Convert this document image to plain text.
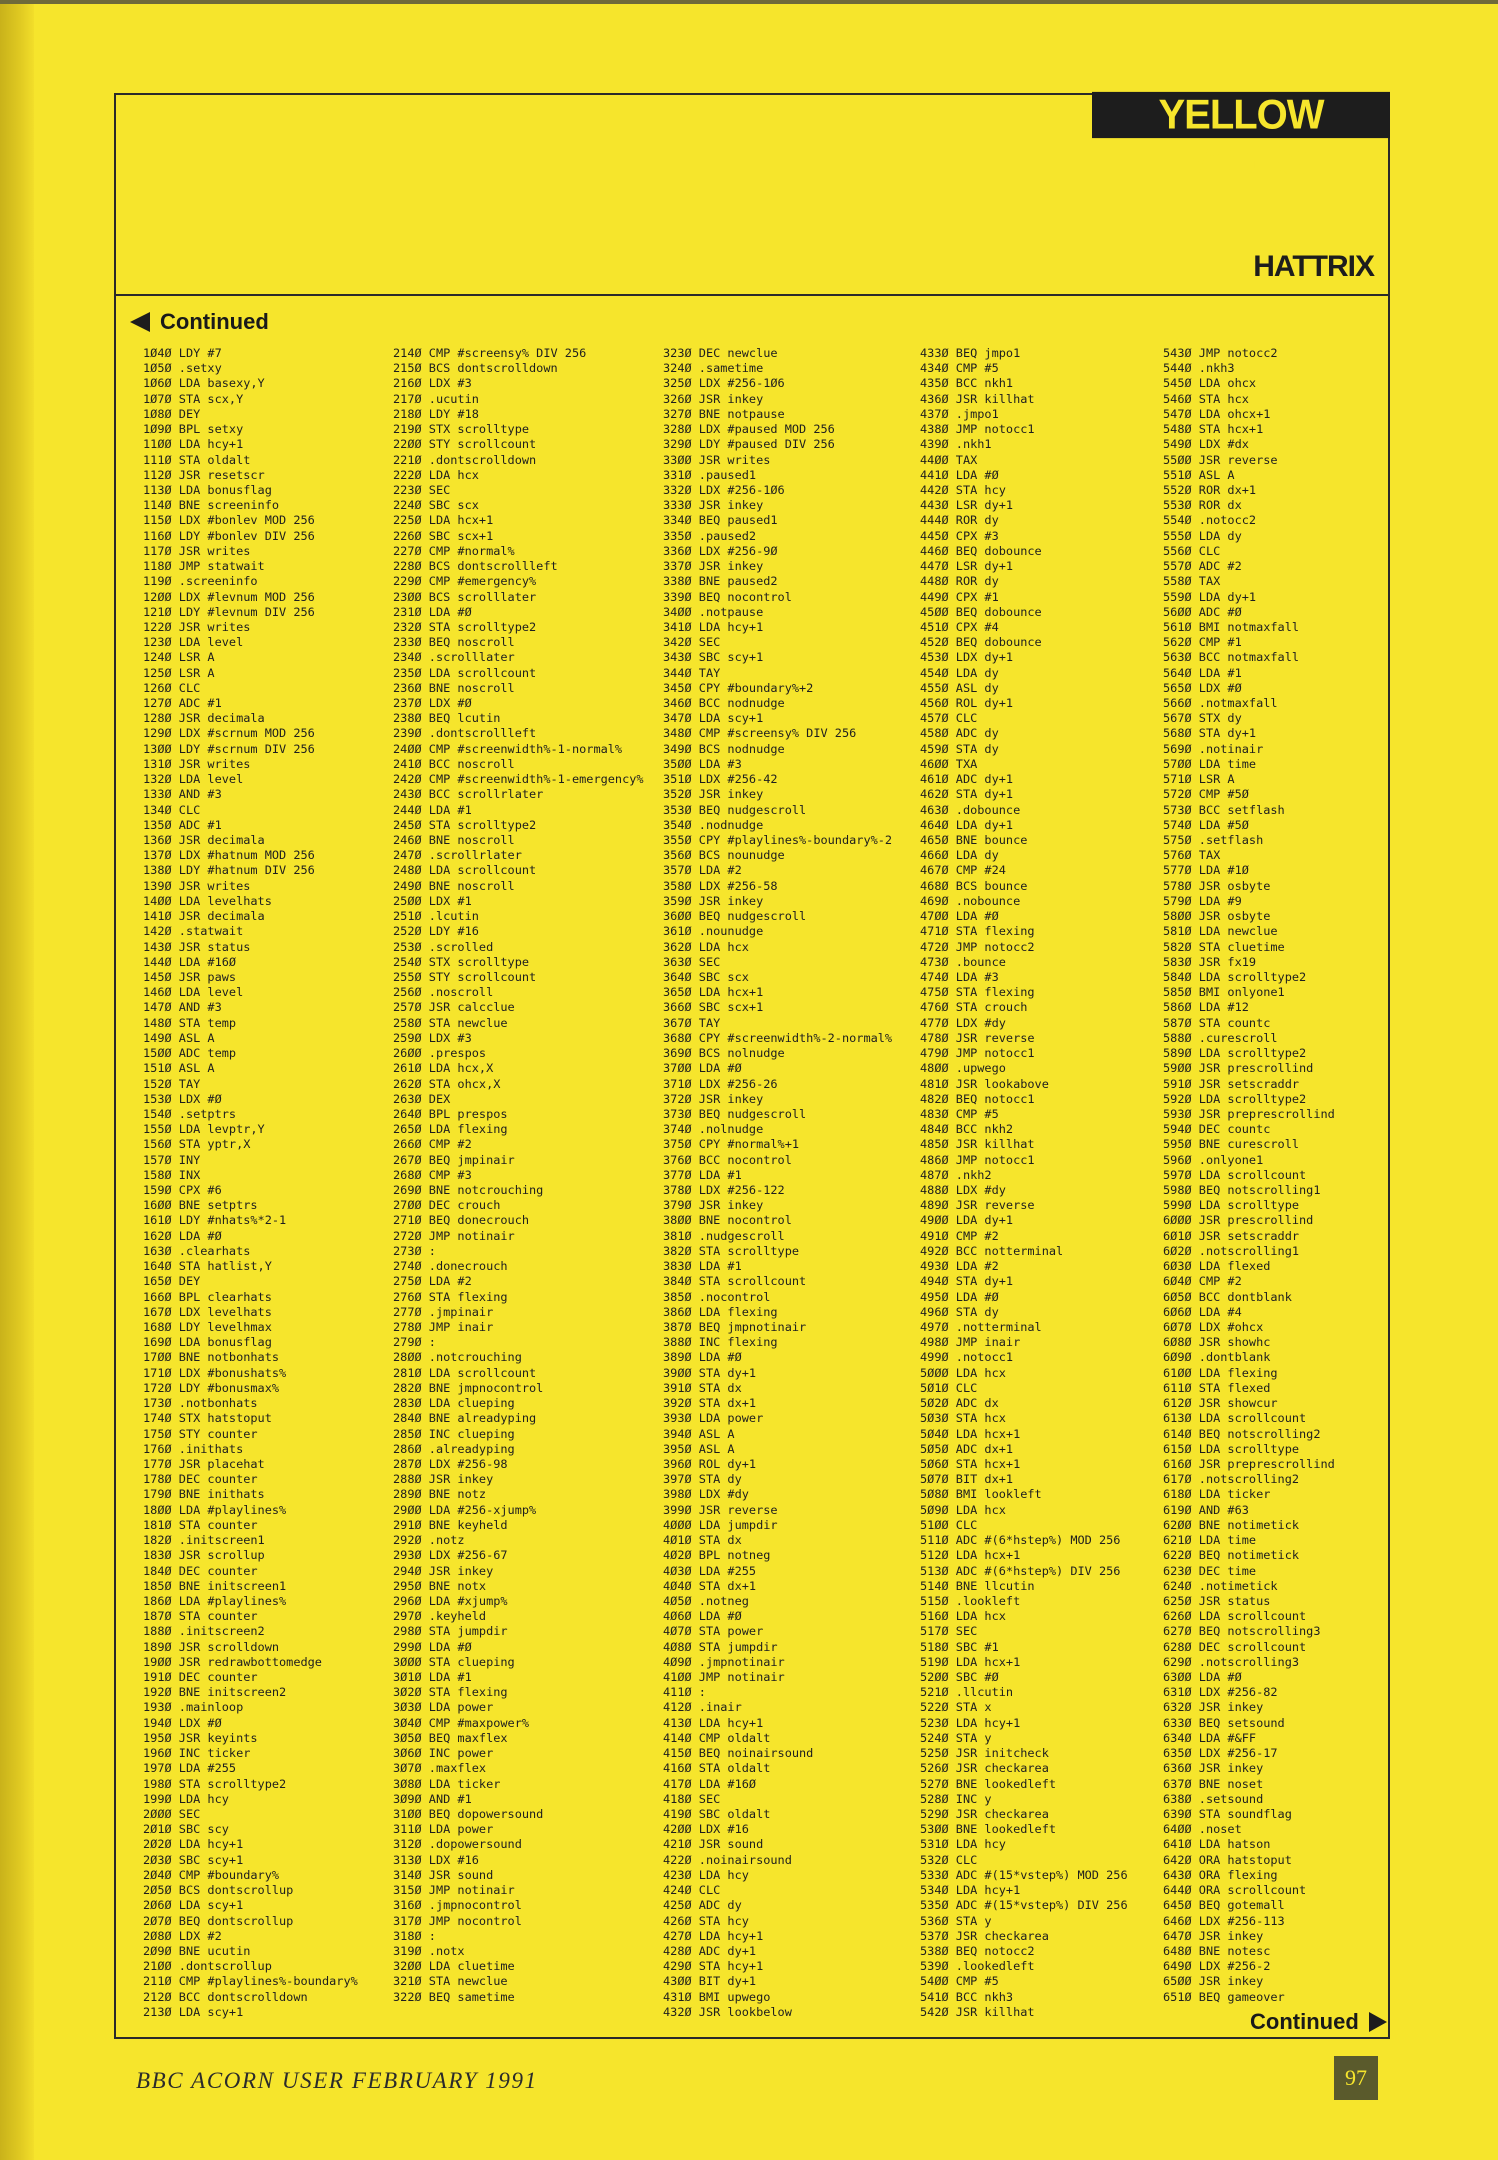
YELLOW PAGES
HATTRIX
Continued
1Ø4Ø LDY #7
1Ø5Ø .setxy
1Ø6Ø LDA basexy,Y
1Ø7Ø STA scx,Y
1Ø8Ø DEY
1Ø9Ø BPL setxy
11ØØ LDA hcy+1
111Ø STA oldalt
112Ø JSR resetscr
113Ø LDA bonusflag
114Ø BNE screeninfo
115Ø LDX #bonlev MOD 256
116Ø LDY #bonlev DIV 256
117Ø JSR writes
118Ø JMP statwait
119Ø .screeninfo
12ØØ LDX #levnum MOD 256
121Ø LDY #levnum DIV 256
122Ø JSR writes
123Ø LDA level
124Ø LSR A
125Ø LSR A
126Ø CLC
127Ø ADC #1
128Ø JSR decimala
129Ø LDX #scrnum MOD 256
13ØØ LDY #scrnum DIV 256
131Ø JSR writes
132Ø LDA level
133Ø AND #3
134Ø CLC
135Ø ADC #1
136Ø JSR decimala
137Ø LDX #hatnum MOD 256
138Ø LDY #hatnum DIV 256
139Ø JSR writes
14ØØ LDA levelhats
141Ø JSR decimala
142Ø .statwait
143Ø JSR status
144Ø LDA #16Ø
145Ø JSR paws
146Ø LDA level
147Ø AND #3
148Ø STA temp
149Ø ASL A
15ØØ ADC temp
151Ø ASL A
152Ø TAY
153Ø LDX #Ø
154Ø .setptrs
155Ø LDA levptr,Y
156Ø STA yptr,X
157Ø INY
158Ø INX
159Ø CPX #6
16ØØ BNE setptrs
161Ø LDY #nhats%*2-1
162Ø LDA #Ø
163Ø .clearhats
164Ø STA hatlist,Y
165Ø DEY
166Ø BPL clearhats
167Ø LDX levelhats
168Ø LDY levelhmax
169Ø LDA bonusflag
17ØØ BNE notbonhats
171Ø LDX #bonushats%
172Ø LDY #bonusmax%
173Ø .notbonhats
174Ø STX hatstoput
175Ø STY counter
176Ø .inithats
177Ø JSR placehat
178Ø DEC counter
179Ø BNE inithats
18ØØ LDA #playlines%
181Ø STA counter
182Ø .initscreen1
183Ø JSR scrollup
184Ø DEC counter
185Ø BNE initscreen1
186Ø LDA #playlines%
187Ø STA counter
188Ø .initscreen2
189Ø JSR scrolldown
19ØØ JSR redrawbottomedge
191Ø DEC counter
192Ø BNE initscreen2
193Ø .mainloop
194Ø LDX #Ø
195Ø JSR keyints
196Ø INC ticker
197Ø LDA #255
198Ø STA scrolltype2
199Ø LDA hcy
2ØØØ SEC
2Ø1Ø SBC scy
2Ø2Ø LDA hcy+1
2Ø3Ø SBC scy+1
2Ø4Ø CMP #boundary%
2Ø5Ø BCS dontscrollup
2Ø6Ø LDA scy+1
2Ø7Ø BEQ dontscrollup
2Ø8Ø LDX #2
2Ø9Ø BNE ucutin
21ØØ .dontscrollup
211Ø CMP #playlines%-boundary%
212Ø BCC dontscrolldown
213Ø LDA scy+1
214Ø CMP #screensy% DIV 256
215Ø BCS dontscrolldown
216Ø LDX #3
217Ø .ucutin
218Ø LDY #18
219Ø STX scrolltype
22ØØ STY scrollcount
221Ø .dontscrolldown
222Ø LDA hcx
223Ø SEC
224Ø SBC scx
225Ø LDA hcx+1
226Ø SBC scx+1
227Ø CMP #normal%
228Ø BCS dontscrollleft
229Ø CMP #emergency%
23ØØ BCS scrolllater
231Ø LDA #Ø
232Ø STA scrolltype2
233Ø BEQ noscroll
234Ø .scrolllater
235Ø LDA scrollcount
236Ø BNE noscroll
237Ø LDX #Ø
238Ø BEQ lcutin
239Ø .dontscrollleft
24ØØ CMP #screenwidth%-1-normal%
241Ø BCC noscroll
242Ø CMP #screenwidth%-1-emergency%
243Ø BCC scrollrlater
244Ø LDA #1
245Ø STA scrolltype2
246Ø BNE noscroll
247Ø .scrollrlater
248Ø LDA scrollcount
249Ø BNE noscroll
25ØØ LDX #1
251Ø .lcutin
252Ø LDY #16
253Ø .scrolled
254Ø STX scrolltype
255Ø STY scrollcount
256Ø .noscroll
257Ø JSR calcclue
258Ø STA newclue
259Ø LDX #3
26ØØ .prespos
261Ø LDA hcx,X
262Ø STA ohcx,X
263Ø DEX
264Ø BPL prespos
265Ø LDA flexing
266Ø CMP #2
267Ø BEQ jmpinair
268Ø CMP #3
269Ø BNE notcrouching
27ØØ DEC crouch
271Ø BEQ donecrouch
272Ø JMP notinair
273Ø :
274Ø .donecrouch
275Ø LDA #2
276Ø STA flexing
277Ø .jmpinair
278Ø JMP inair
279Ø :
28ØØ .notcrouching
281Ø LDA scrollcount
282Ø BNE jmpnocontrol
283Ø LDA clueping
284Ø BNE alreadyping
285Ø INC clueping
286Ø .alreadyping
287Ø LDX #256-98
288Ø JSR inkey
289Ø BNE notz
29ØØ LDA #256-xjump%
291Ø BNE keyheld
292Ø .notz
293Ø LDX #256-67
294Ø JSR inkey
295Ø BNE notx
296Ø LDA #xjump%
297Ø .keyheld
298Ø STA jumpdir
299Ø LDA #Ø
3ØØØ STA clueping
3Ø1Ø LDA #1
3Ø2Ø STA flexing
3Ø3Ø LDA power
3Ø4Ø CMP #maxpower%
3Ø5Ø BEQ maxflex
3Ø6Ø INC power
3Ø7Ø .maxflex
3Ø8Ø LDA ticker
3Ø9Ø AND #1
31ØØ BEQ dopowersound
311Ø LDA power
312Ø .dopowersound
313Ø LDX #16
314Ø JSR sound
315Ø JMP notinair
316Ø .jmpnocontrol
317Ø JMP nocontrol
318Ø :
319Ø .notx
32ØØ LDA cluetime
321Ø STA newclue
322Ø BEQ sametime
323Ø DEC newclue
324Ø .sametime
325Ø LDX #256-1Ø6
326Ø JSR inkey
327Ø BNE notpause
328Ø LDX #paused MOD 256
329Ø LDY #paused DIV 256
33ØØ JSR writes
331Ø .paused1
332Ø LDX #256-1Ø6
333Ø JSR inkey
334Ø BEQ paused1
335Ø .paused2
336Ø LDX #256-9Ø
337Ø JSR inkey
338Ø BNE paused2
339Ø BEQ nocontrol
34ØØ .notpause
341Ø LDA hcy+1
342Ø SEC
343Ø SBC scy+1
344Ø TAY
345Ø CPY #boundary%+2
346Ø BCC nodnudge
347Ø LDA scy+1
348Ø CMP #screensy% DIV 256
349Ø BCS nodnudge
35ØØ LDA #3
351Ø LDX #256-42
352Ø JSR inkey
353Ø BEQ nudgescroll
354Ø .nodnudge
355Ø CPY #playlines%-boundary%-2
356Ø BCS nounudge
357Ø LDA #2
358Ø LDX #256-58
359Ø JSR inkey
36ØØ BEQ nudgescroll
361Ø .nounudge
362Ø LDA hcx
363Ø SEC
364Ø SBC scx
365Ø LDA hcx+1
366Ø SBC scx+1
367Ø TAY
368Ø CPY #screenwidth%-2-normal%
369Ø BCS nolnudge
37ØØ LDA #Ø
371Ø LDX #256-26
372Ø JSR inkey
373Ø BEQ nudgescroll
374Ø .nolnudge
375Ø CPY #normal%+1
376Ø BCC nocontrol
377Ø LDA #1
378Ø LDX #256-122
379Ø JSR inkey
38ØØ BNE nocontrol
381Ø .nudgescroll
382Ø STA scrolltype
383Ø LDA #1
384Ø STA scrollcount
385Ø .nocontrol
386Ø LDA flexing
387Ø BEQ jmpnotinair
388Ø INC flexing
389Ø LDA #Ø
39ØØ STA dy+1
391Ø STA dx
392Ø STA dx+1
393Ø LDA power
394Ø ASL A
395Ø ASL A
396Ø ROL dy+1
397Ø STA dy
398Ø LDX #dy
399Ø JSR reverse
4ØØØ LDA jumpdir
4Ø1Ø STA dx
4Ø2Ø BPL notneg
4Ø3Ø LDA #255
4Ø4Ø STA dx+1
4Ø5Ø .notneg
4Ø6Ø LDA #Ø
4Ø7Ø STA power
4Ø8Ø STA jumpdir
4Ø9Ø .jmpnotinair
41ØØ JMP notinair
411Ø :
412Ø .inair
413Ø LDA hcy+1
414Ø CMP oldalt
415Ø BEQ noinairsound
416Ø STA oldalt
417Ø LDA #16Ø
418Ø SEC
419Ø SBC oldalt
42ØØ LDX #16
421Ø JSR sound
422Ø .noinairsound
423Ø LDA hcy
424Ø CLC
425Ø ADC dy
426Ø STA hcy
427Ø LDA hcy+1
428Ø ADC dy+1
429Ø STA hcy+1
43ØØ BIT dy+1
431Ø BMI upwego
432Ø JSR lookbelow
433Ø BEQ jmpo1
434Ø CMP #5
435Ø BCC nkh1
436Ø JSR killhat
437Ø .jmpo1
438Ø JMP notocc1
439Ø .nkh1
44ØØ TAX
441Ø LDA #Ø
442Ø STA hcy
443Ø LSR dy+1
444Ø ROR dy
445Ø CPX #3
446Ø BEQ dobounce
447Ø LSR dy+1
448Ø ROR dy
449Ø CPX #1
45ØØ BEQ dobounce
451Ø CPX #4
452Ø BEQ dobounce
453Ø LDX dy+1
454Ø LDA dy
455Ø ASL dy
456Ø ROL dy+1
457Ø CLC
458Ø ADC dy
459Ø STA dy
46ØØ TXA
461Ø ADC dy+1
462Ø STA dy+1
463Ø .dobounce
464Ø LDA dy+1
465Ø BNE bounce
466Ø LDA dy
467Ø CMP #24
468Ø BCS bounce
469Ø .nobounce
47ØØ LDA #Ø
471Ø STA flexing
472Ø JMP notocc2
473Ø .bounce
474Ø LDA #3
475Ø STA flexing
476Ø STA crouch
477Ø LDX #dy
478Ø JSR reverse
479Ø JMP notocc1
48ØØ .upwego
481Ø JSR lookabove
482Ø BEQ notocc1
483Ø CMP #5
484Ø BCC nkh2
485Ø JSR killhat
486Ø JMP notocc1
487Ø .nkh2
488Ø LDX #dy
489Ø JSR reverse
49ØØ LDA dy+1
491Ø CMP #2
492Ø BCC notterminal
493Ø LDA #2
494Ø STA dy+1
495Ø LDA #Ø
496Ø STA dy
497Ø .notterminal
498Ø JMP inair
499Ø .notocc1
5ØØØ LDA hcx
5Ø1Ø CLC
5Ø2Ø ADC dx
5Ø3Ø STA hcx
5Ø4Ø LDA hcx+1
5Ø5Ø ADC dx+1
5Ø6Ø STA hcx+1
5Ø7Ø BIT dx+1
5Ø8Ø BMI lookleft
5Ø9Ø LDA hcx
51ØØ CLC
511Ø ADC #(6*hstep%) MOD 256
512Ø LDA hcx+1
513Ø ADC #(6*hstep%) DIV 256
514Ø BNE llcutin
515Ø .lookleft
516Ø LDA hcx
517Ø SEC
518Ø SBC #1
519Ø LDA hcx+1
52ØØ SBC #Ø
521Ø .llcutin
522Ø STA x
523Ø LDA hcy+1
524Ø STA y
525Ø JSR initcheck
526Ø JSR checkarea
527Ø BNE lookedleft
528Ø INC y
529Ø JSR checkarea
53ØØ BNE lookedleft
531Ø LDA hcy
532Ø CLC
533Ø ADC #(15*vstep%) MOD 256
534Ø LDA hcy+1
535Ø ADC #(15*vstep%) DIV 256
536Ø STA y
537Ø JSR checkarea
538Ø BEQ notocc2
539Ø .lookedleft
54ØØ CMP #5
541Ø BCC nkh3
542Ø JSR killhat
543Ø JMP notocc2
544Ø .nkh3
545Ø LDA ohcx
546Ø STA hcx
547Ø LDA ohcx+1
548Ø STA hcx+1
549Ø LDX #dx
55ØØ JSR reverse
551Ø ASL A
552Ø ROR dx+1
553Ø ROR dx
554Ø .notocc2
555Ø LDA dy
556Ø CLC
557Ø ADC #2
558Ø TAX
559Ø LDA dy+1
56ØØ ADC #Ø
561Ø BMI notmaxfall
562Ø CMP #1
563Ø BCC notmaxfall
564Ø LDA #1
565Ø LDX #Ø
566Ø .notmaxfall
567Ø STX dy
568Ø STA dy+1
569Ø .notinair
57ØØ LDA time
571Ø LSR A
572Ø CMP #5Ø
573Ø BCC setflash
574Ø LDA #5Ø
575Ø .setflash
576Ø TAX
577Ø LDA #1Ø
578Ø JSR osbyte
579Ø LDA #9
58ØØ JSR osbyte
581Ø LDA newclue
582Ø STA cluetime
583Ø JSR fx19
584Ø LDA scrolltype2
585Ø BMI onlyone1
586Ø LDA #12
587Ø STA countc
588Ø .curescroll
589Ø LDA scrolltype2
59ØØ JSR prescrollind
591Ø JSR setscraddr
592Ø LDA scrolltype2
593Ø JSR preprescrollind
594Ø DEC countc
595Ø BNE curescroll
596Ø .onlyone1
597Ø LDA scrollcount
598Ø BEQ notscrolling1
599Ø LDA scrolltype
6ØØØ JSR prescrollind
6Ø1Ø JSR setscraddr
6Ø2Ø .notscrolling1
6Ø3Ø LDA flexed
6Ø4Ø CMP #2
6Ø5Ø BCC dontblank
6Ø6Ø LDA #4
6Ø7Ø LDX #ohcx
6Ø8Ø JSR showhc
6Ø9Ø .dontblank
61ØØ LDA flexing
611Ø STA flexed
612Ø JSR showcur
613Ø LDA scrollcount
614Ø BEQ notscrolling2
615Ø LDA scrolltype
616Ø JSR preprescrollind
617Ø .notscrolling2
618Ø LDA ticker
619Ø AND #63
62ØØ BNE notimetick
621Ø LDA time
622Ø BEQ notimetick
623Ø DEC time
624Ø .notimetick
625Ø JSR status
626Ø LDA scrollcount
627Ø BEQ notscrolling3
628Ø DEC scrollcount
629Ø .notscrolling3
63ØØ LDA #Ø
631Ø LDX #256-82
632Ø JSR inkey
633Ø BEQ setsound
634Ø LDA #&FF
635Ø LDX #256-17
636Ø JSR inkey
637Ø BNE noset
638Ø .setsound
639Ø STA soundflag
64ØØ .noset
641Ø LDA hatson
642Ø ORA hatstoput
643Ø ORA flexing
644Ø ORA scrollcount
645Ø BEQ gotemall
646Ø LDX #256-113
647Ø JSR inkey
648Ø BNE notesc
649Ø LDX #256-2
65ØØ JSR inkey
651Ø BEQ gameover
Continued
BBC ACORN USER FEBRUARY 1991	97
